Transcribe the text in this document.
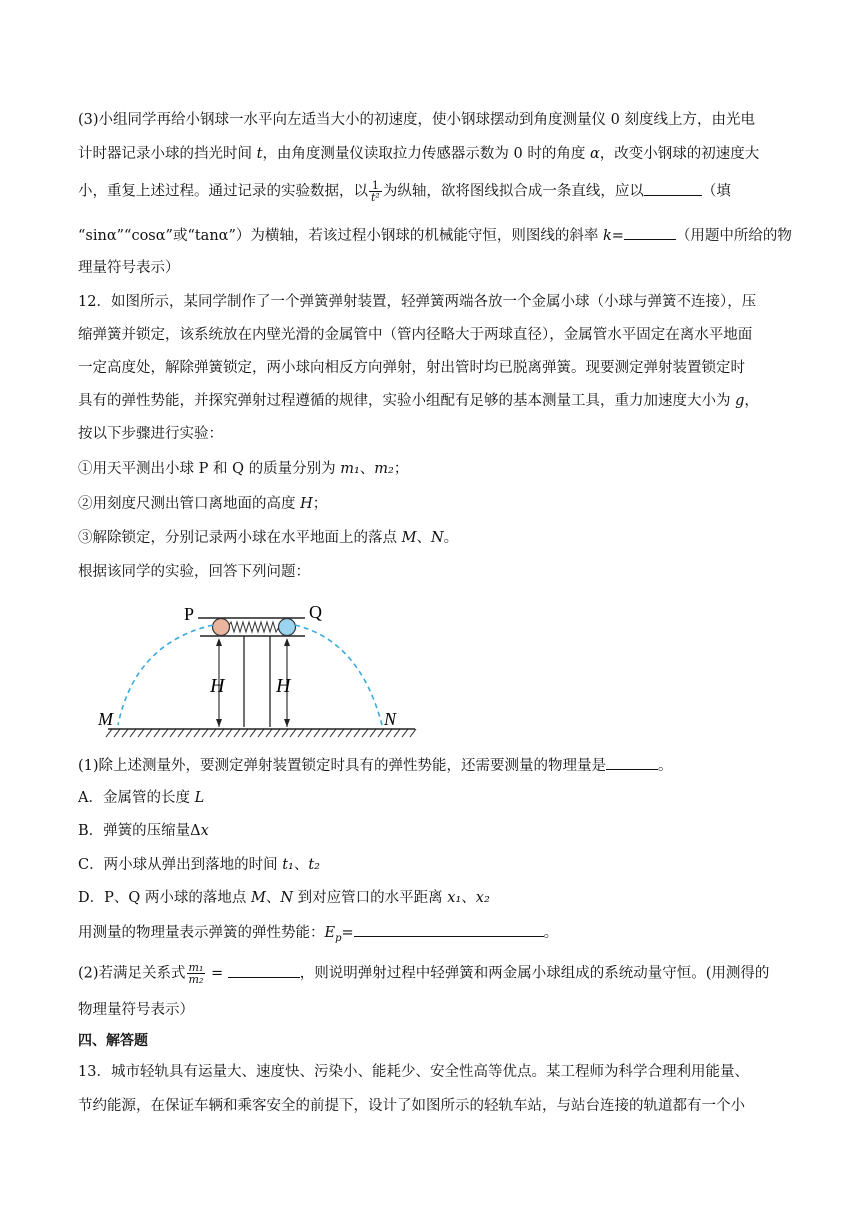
(3)小组同学再给小钢球一水平向左适当大小的初速度，使小钢球摆动到角度测量仪 0 刻度线上方，由光电
计时器记录小球的挡光时间 t，由角度测量仪读取拉力传感器示数为 0 时的角度 α，改变小钢球的初速度大
小，重复上述过程。通过记录的实验数据，以 $\frac{1}{\text{t²}}$ 为纵轴，欲将图线拟合成一条直线，应以	（填
“sinα”“cosα”或“tanα”）为横轴，若该过程小钢球的机械能守恒，则图线的斜率 k=	（用题中所给的物
理量符号表示）
12．如图所示，某同学制作了一个弹簧弹射装置，轻弹簧两端各放一个金属小球（小球与弹簧不连接），压
缩弹簧并锁定，该系统放在内壁光滑的金属管中（管内径略大于两球直径），金属管水平固定在离水平地面
一定高度处，解除弹簧锁定，两小球向相反方向弹射，射出管时均已脱离弹簧。现要测定弹射装置锁定时
具有的弹性势能，并探究弹射过程遵循的规律，实验小组配有足够的基本测量工具，重力加速度大小为 g，
按以下步骤进行实验：
①用天平测出小球 P 和 Q 的质量分别为 m₁、m₂；
②用刻度尺测出管口离地面的高度 H；
③解除锁定，分别记录两小球在水平地面上的落点 M、N。
根据该同学的实验，回答下列问题：
P	Q
H	H
M	N
(1)除上述测量外，要测定弹射装置锁定时具有的弹性势能，还需要测量的物理量是	。
A．金属管的长度 L
B．弹簧的压缩量Δx
C．两小球从弹出到落地的时间 t₁、t₂
D．P、Q 两小球的落地点 M、N 到对应管口的水平距离 x₁、x₂
用测量的物理量表示弹簧的弹性势能：$E_p=$	。
(2)若满足关系式 $\frac{\text{m₁}}{\text{m₂}}$ =	，则说明弹射过程中轻弹簧和两金属小球组成的系统动量守恒。(用测得的
物理量符号表示）
四、解答题
13．城市轻轨具有运量大、速度快、污染小、能耗少、安全性高等优点。某工程师为科学合理利用能量、
节约能源，在保证车辆和乘客安全的前提下，设计了如图所示的轻轨车站，与站台连接的轨道都有一个小
